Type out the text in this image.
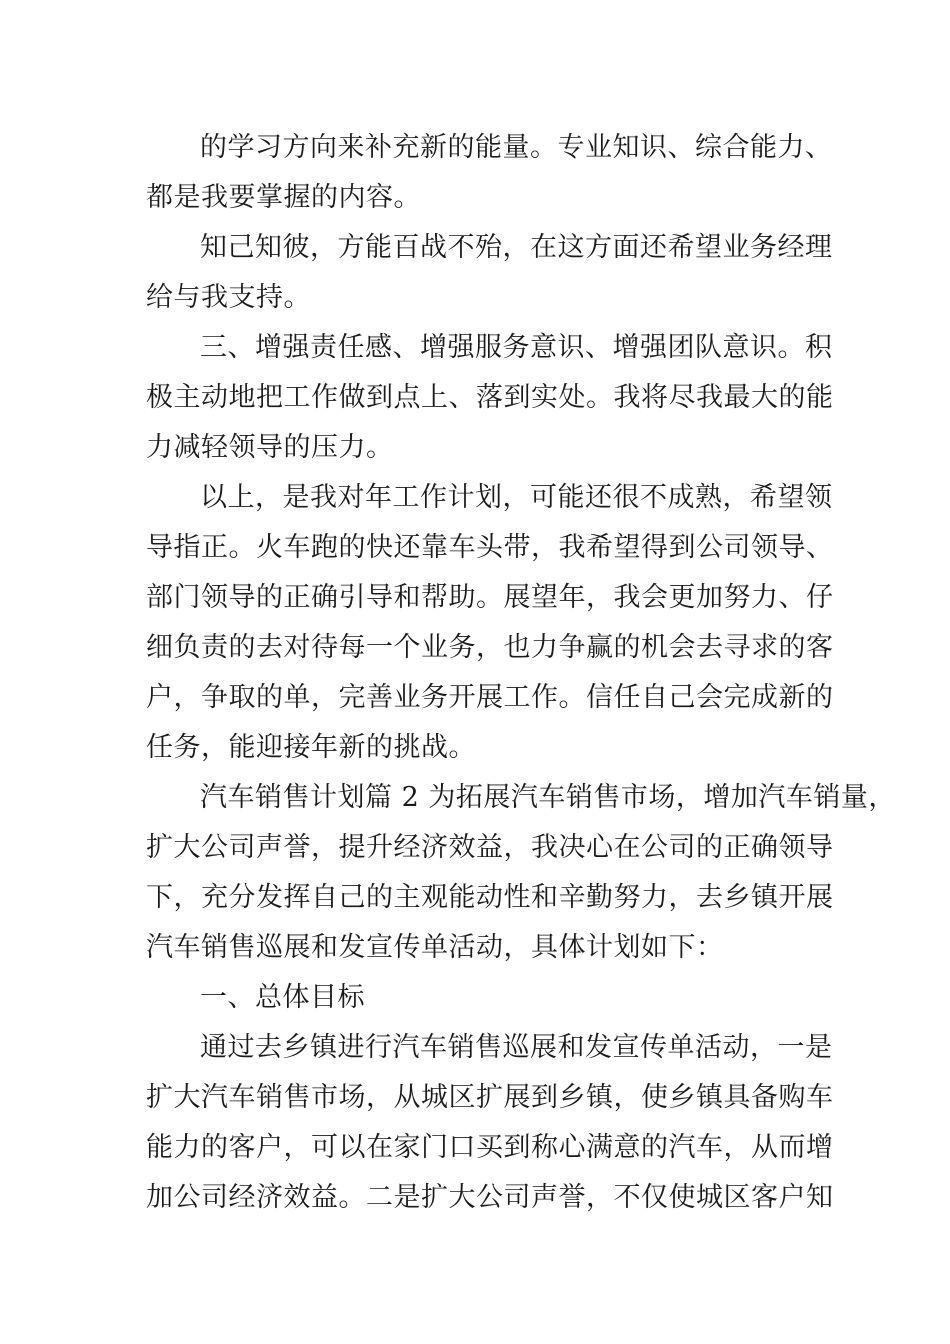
的学习方向来补充新的能量。专业知识、综合能力、
都是我要掌握的内容。
知己知彼，方能百战不殆，在这方面还希望业务经理
给与我支持。
三、增强责任感、增强服务意识、增强团队意识。积
极主动地把工作做到点上、落到实处。我将尽我最大的能
力减轻领导的压力。
以上，是我对年工作计划，可能还很不成熟，希望领
导指正。火车跑的快还靠车头带，我希望得到公司领导、
部门领导的正确引导和帮助。展望年，我会更加努力、仔
细负责的去对待每一个业务，也力争赢的机会去寻求的客
户，争取的单，完善业务开展工作。信任自己会完成新的
任务，能迎接年新的挑战。
汽车销售计划篇 2 为拓展汽车销售市场，增加汽车销量，
扩大公司声誉，提升经济效益，我决心在公司的正确领导
下，充分发挥自己的主观能动性和辛勤努力，去乡镇开展
汽车销售巡展和发宣传单活动，具体计划如下：
一、总体目标
通过去乡镇进行汽车销售巡展和发宣传单活动，一是
扩大汽车销售市场，从城区扩展到乡镇，使乡镇具备购车
能力的客户，可以在家门口买到称心满意的汽车，从而增
加公司经济效益。二是扩大公司声誉，不仅使城区客户知
